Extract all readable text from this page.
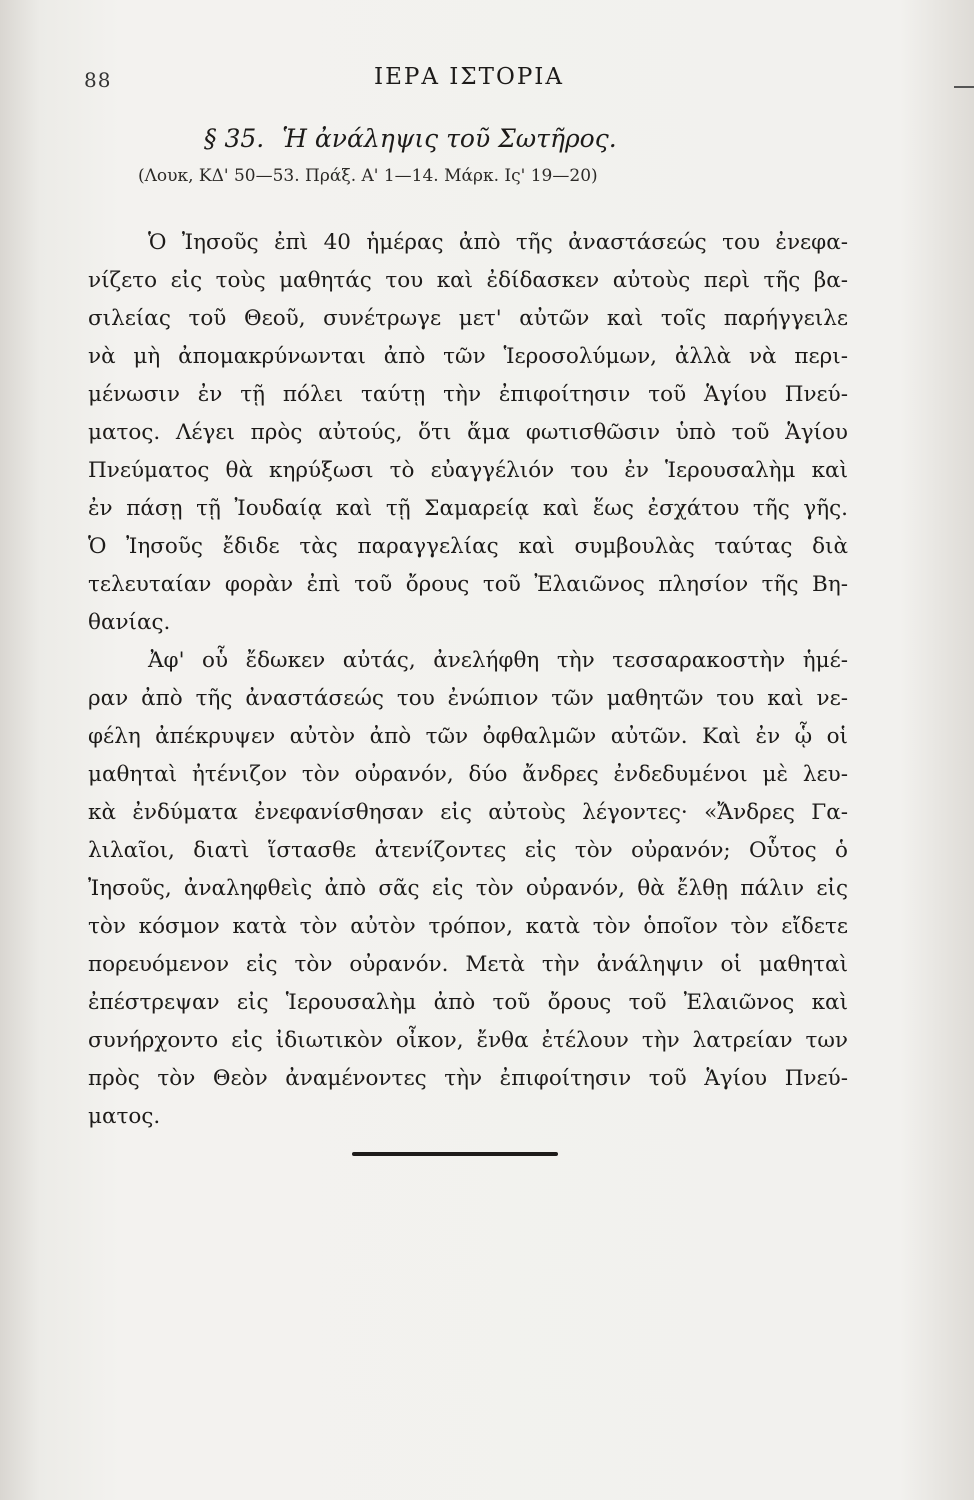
88	ΙΕΡΑ ΙΣΤΟΡΙΑ
§ 35. Ἡ ἀνάληψις τοῦ Σωτῆρος.
(Λουκ, ΚΔ' 50—53. Πράξ. Α' 1—14. Μάρκ. Ις' 19—20)
Ὁ Ἰησοῦς ἐπὶ 40 ἡμέρας ἀπὸ τῆς ἀναστάσεώς του ἐνεφα-
νίζετο εἰς τοὺς μαθητάς του καὶ ἐδίδασκεν αὐτοὺς περὶ τῆς βα-
σιλείας τοῦ Θεοῦ, συνέτρωγε μετ' αὐτῶν καὶ τοῖς παρήγγειλε
νὰ μὴ ἀπομακρύνωνται ἀπὸ τῶν Ἱεροσολύμων, ἀλλὰ νὰ περι-
μένωσιν ἐν τῇ πόλει ταύτῃ τὴν ἐπιφοίτησιν τοῦ Ἁγίου Πνεύ-
ματος. Λέγει πρὸς αὐτούς, ὅτι ἅμα φωτισθῶσιν ὑπὸ τοῦ Ἁγίου
Πνεύματος θὰ κηρύξωσι τὸ εὐαγγέλιόν του ἐν Ἱερουσαλὴμ καὶ
ἐν πάσῃ τῇ Ἰουδαίᾳ καὶ τῇ Σαμαρείᾳ καὶ ἕως ἐσχάτου τῆς γῆς.
Ὁ Ἰησοῦς ἔδιδε τὰς παραγγελίας καὶ συμβουλὰς ταύτας διὰ
τελευταίαν φορὰν ἐπὶ τοῦ ὄρους τοῦ Ἐλαιῶνος πλησίον τῆς Βη-
θανίας.
Ἀφ' οὗ ἔδωκεν αὐτάς, ἀνελήφθη τὴν τεσσαρακοστὴν ἡμέ-
ραν ἀπὸ τῆς ἀναστάσεώς του ἐνώπιον τῶν μαθητῶν του καὶ νε-
φέλη ἀπέκρυψεν αὐτὸν ἀπὸ τῶν ὀφθαλμῶν αὐτῶν. Καὶ ἐν ᾧ οἱ
μαθηταὶ ἠτένιζον τὸν οὐρανόν, δύο ἄνδρες ἐνδεδυμένοι μὲ λευ-
κὰ ἐνδύματα ἐνεφανίσθησαν εἰς αὐτοὺς λέγοντες· «Ἄνδρες Γα-
λιλαῖοι, διατὶ ἵστασθε ἀτενίζοντες εἰς τὸν οὐρανόν; Οὗτος ὁ
Ἰησοῦς, ἀναληφθεὶς ἀπὸ σᾶς εἰς τὸν οὐρανόν, θὰ ἔλθῃ πάλιν εἰς
τὸν κόσμον κατὰ τὸν αὐτὸν τρόπον, κατὰ τὸν ὁποῖον τὸν εἴδετε
πορευόμενον εἰς τὸν οὐρανόν. Μετὰ τὴν ἀνάληψιν οἱ μαθηταὶ
ἐπέστρεψαν εἰς Ἱερουσαλὴμ ἀπὸ τοῦ ὄρους τοῦ Ἐλαιῶνος καὶ
συνήρχοντο εἰς ἰδιωτικὸν οἶκον, ἔνθα ἐτέλουν τὴν λατρείαν των
πρὸς τὸν Θεὸν ἀναμένοντες τὴν ἐπιφοίτησιν τοῦ Ἁγίου Πνεύ-
ματος.
